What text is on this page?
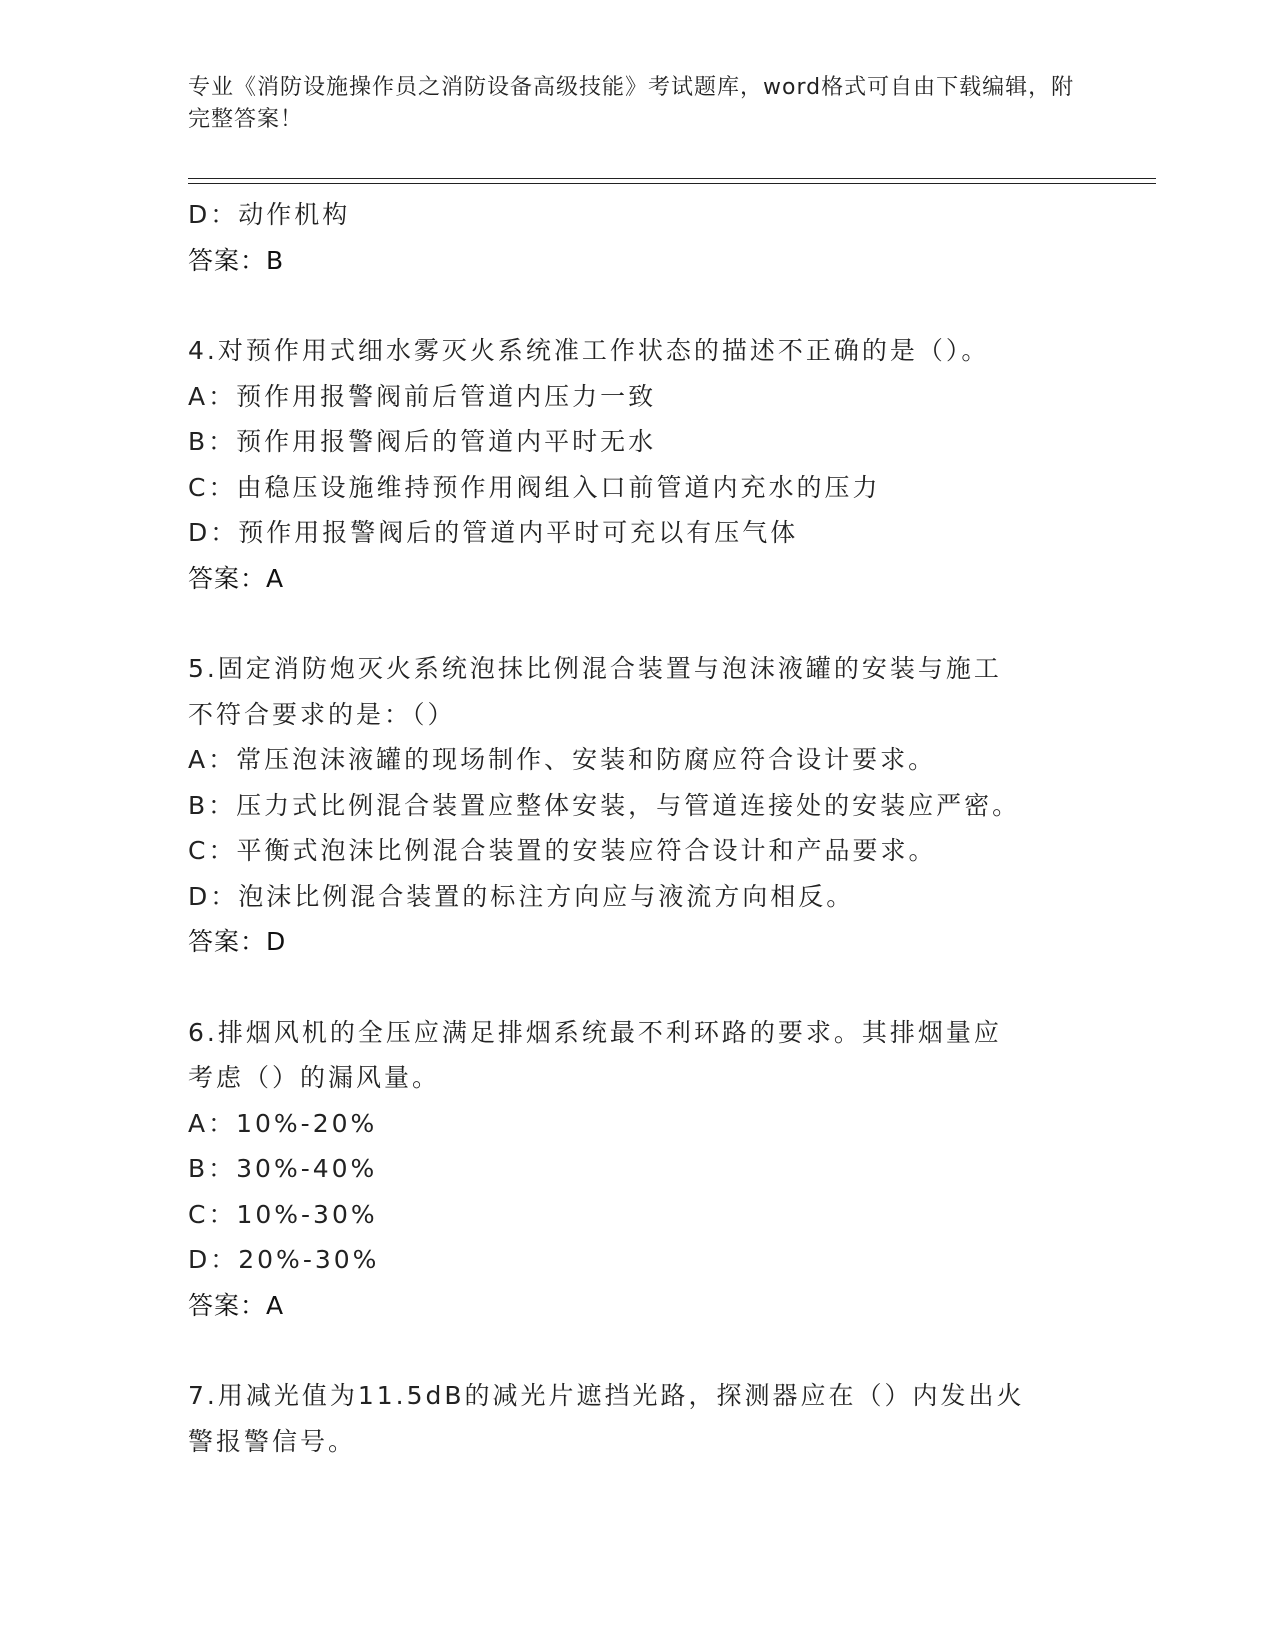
专业《消防设施操作员之消防设备高级技能》考试题库，word格式可自由下载编辑，附完整答案！
D：动作机构
答案：B
4.对预作用式细水雾灭火系统准工作状态的描述不正确的是（）。
A：预作用报警阀前后管道内压力一致
B：预作用报警阀后的管道内平时无水
C：由稳压设施维持预作用阀组入口前管道内充水的压力
D：预作用报警阀后的管道内平时可充以有压气体
答案：A
5.固定消防炮灭火系统泡抹比例混合装置与泡沫液罐的安装与施工不符合要求的是：（）
A：常压泡沫液罐的现场制作、安装和防腐应符合设计要求。
B：压力式比例混合装置应整体安装，与管道连接处的安装应严密。
C：平衡式泡沫比例混合装置的安装应符合设计和产品要求。
D：泡沫比例混合装置的标注方向应与液流方向相反。
答案：D
6.排烟风机的全压应满足排烟系统最不利环路的要求。其排烟量应考虑（）的漏风量。
A：10%-20%
B：30%-40%
C：10%-30%
D：20%-30%
答案：A
7.用减光值为11.5dB的减光片遮挡光路，探测器应在（）内发出火警报警信号。
